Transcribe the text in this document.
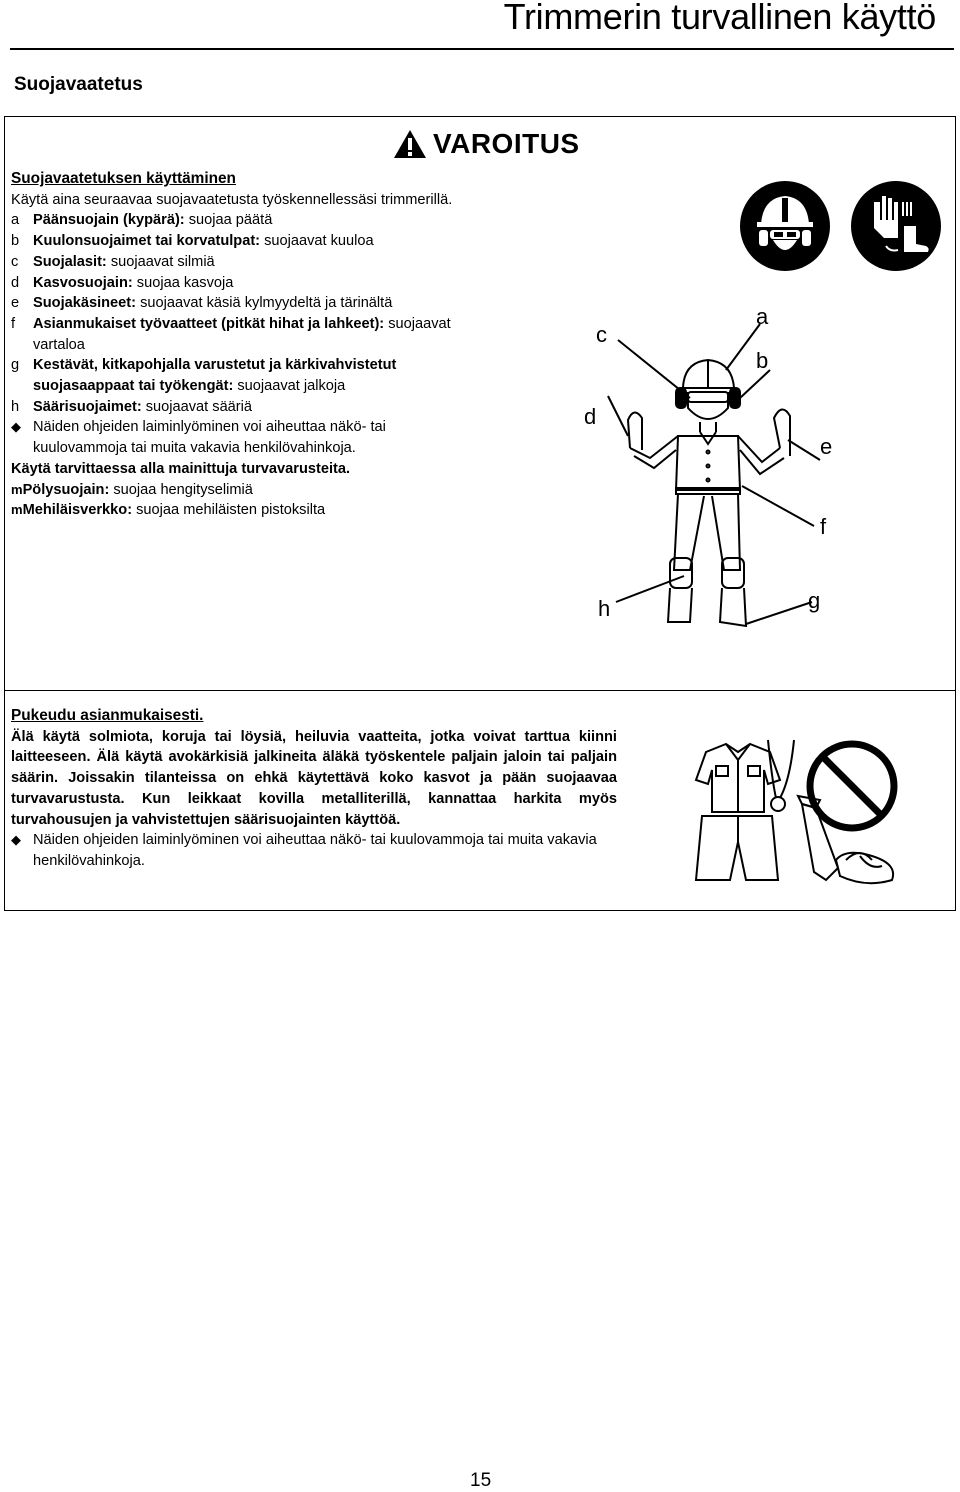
Trimmerin turvallinen käyttö
Suojavaatetus
VAROITUS
Suojavaatetuksen käyttäminen
Käytä aina seuraavaa suojavaatetusta työskennellessäsi trimmerillä.
a Päänsuojain (kypärä): suojaa päätä
b Kuulonsuojaimet tai korvatulpat: suojaavat kuuloa
c	Suojalasit: suojaavat silmiä
d Kasvosuojain: suojaa kasvoja
e Suojakäsineet: suojaavat käsiä kylmyydeltä ja tärinältä
f	Asianmukaiset työvaatteet (pitkät hihat ja lahkeet): suojaavat vartaloa
g Kestävät, kitkapohjalla varustetut ja kärkivahvistetut suojasaappaat tai työkengät: suojaavat jalkoja
h Säärisuojaimet: suojaavat sääriä
◆ Näiden ohjeiden laiminlyöminen voi aiheuttaa näkö- tai kuulovammoja tai muita vakavia henkilövahinkoja.
Käytä tarvittaessa alla mainittuja turvavarusteita.
mPölysuojain: suojaa hengityselimiä
mMehiläisverkko: suojaa mehiläisten pistoksilta
a
b
c
d
e
f
g
h
Pukeudu asianmukaisesti.
Älä käytä solmiota, koruja tai löysiä, heiluvia vaatteita, jotka voivat tarttua kiinni laitteeseen. Älä käytä avokärkisiä jalkineita äläkä työskentele paljain jaloin tai paljain säärin. Joissakin tilanteissa on ehkä käytettävä koko kasvot ja pään suojaavaa turvavarustusta. Kun leikkaat kovilla metalliterillä, kannattaa harkita myös turvahousujen ja vahvistettujen säärisuojainten käyttöä.
◆ Näiden ohjeiden laiminlyöminen voi aiheuttaa näkö- tai kuulovammoja tai muita vakavia henkilövahinkoja.
15
